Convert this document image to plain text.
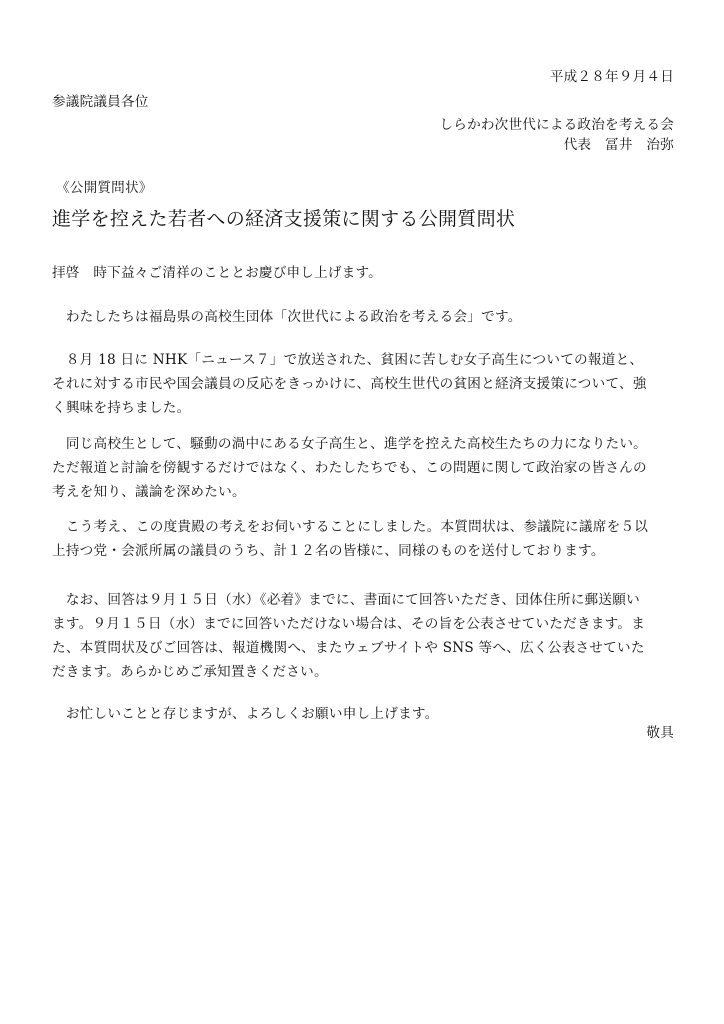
平成２８年９月４日
参議院議員各位
しらかわ次世代による政治を考える会
代表　冨井　治弥
《公開質問状》
進学を控えた若者への経済支援策に関する公開質問状
拝啓　時下益々ご清祥のこととお慶び申し上げます。
　わたしたちは福島県の高校生団体「次世代による政治を考える会」です。
　８月 18 日に NHK「ニュース７」で放送された、貧困に苦しむ女子高生についての報道と、
それに対する市民や国会議員の反応をきっかけに、高校生世代の貧困と経済支援策について、強
く興味を持ちました。
　同じ高校生として、騒動の渦中にある女子高生と、進学を控えた高校生たちの力になりたい。
ただ報道と討論を傍観するだけではなく、わたしたちでも、この問題に関して政治家の皆さんの
考えを知り、議論を深めたい。
　こう考え、この度貴殿の考えをお伺いすることにしました。本質問状は、参議院に議席を５以
上持つ党・会派所属の議員のうち、計１２名の皆様に、同様のものを送付しております。
　なお、回答は９月１５日（水）《必着》までに、書面にて回答いただき、団体住所に郵送願い
ます。９月１５日（水）までに回答いただけない場合は、その旨を公表させていただきます。ま
た、本質問状及びご回答は、報道機関へ、またウェブサイトや SNS 等へ、広く公表させていた
だきます。あらかじめご承知置きください。
　お忙しいことと存じますが、よろしくお願い申し上げます。
敬具
